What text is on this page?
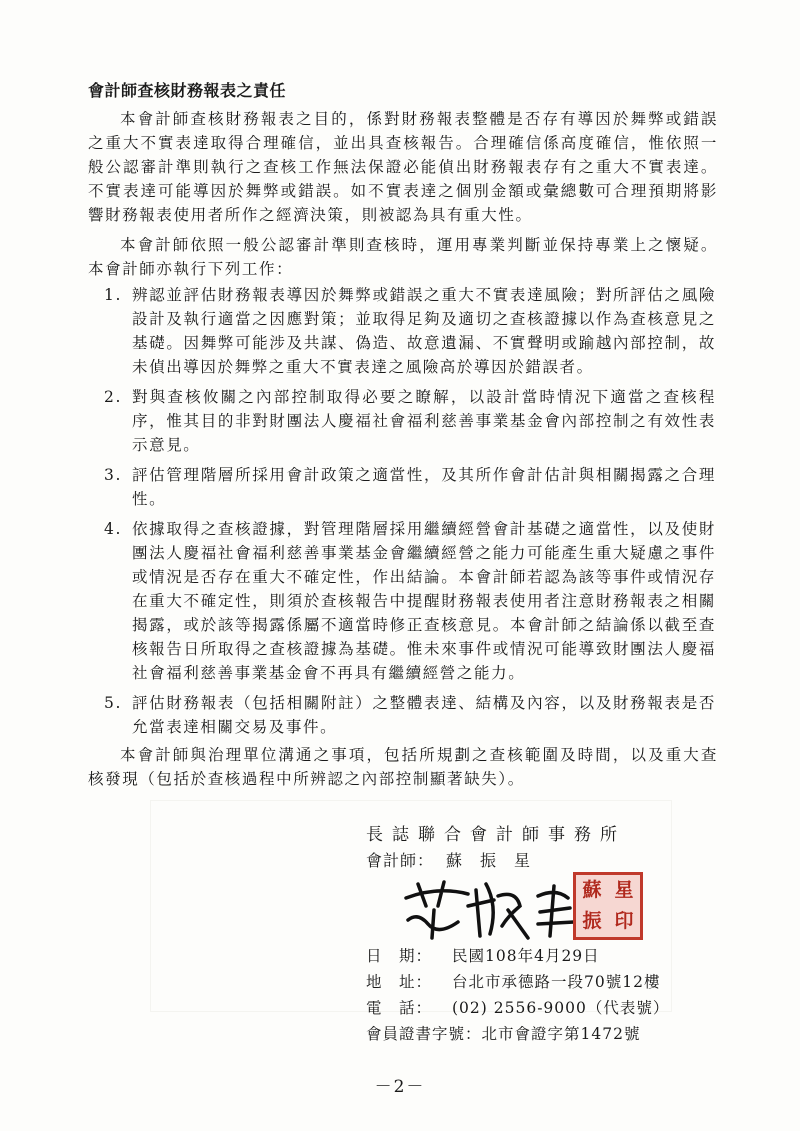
會計師查核財務報表之責任

本會計師查核財務報表之目的，係對財務報表整體是否存有導因於舞弊或錯誤之重大不實表達取得合理確信，並出具查核報告。合理確信係高度確信，惟依照一般公認審計準則執行之查核工作無法保證必能偵出財務報表存有之重大不實表達。不實表達可能導因於舞弊或錯誤。如不實表達之個別金額或彙總數可合理預期將影響財務報表使用者所作之經濟決策，則被認為具有重大性。

本會計師依照一般公認審計準則查核時，運用專業判斷並保持專業上之懷疑。本會計師亦執行下列工作：

1. 辨認並評估財務報表導因於舞弊或錯誤之重大不實表達風險；對所評估之風險設計及執行適當之因應對策；並取得足夠及適切之查核證據以作為查核意見之基礎。因舞弊可能涉及共謀、偽造、故意遺漏、不實聲明或踰越內部控制，故未偵出導因於舞弊之重大不實表達之風險高於導因於錯誤者。
2. 對與查核攸關之內部控制取得必要之瞭解，以設計當時情況下適當之查核程序，惟其目的非對財團法人慶福社會福利慈善事業基金會內部控制之有效性表示意見。
3. 評估管理階層所採用會計政策之適當性，及其所作會計估計與相關揭露之合理性。
4. 依據取得之查核證據，對管理階層採用繼續經營會計基礎之適當性，以及使財團法人慶福社會福利慈善事業基金會繼續經營之能力可能產生重大疑慮之事件或情況是否存在重大不確定性，作出結論。本會計師若認為該等事件或情況存在重大不確定性，則須於查核報告中提醒財務報表使用者注意財務報表之相關揭露，或於該等揭露係屬不適當時修正查核意見。本會計師之結論係以截至查核報告日所取得之查核證據為基礎。惟未來事件或情況可能導致財團法人慶福社會福利慈善事業基金會不再具有繼續經營之能力。
5. 評估財務報表（包括相關附註）之整體表達、結構及內容，以及財務報表是否允當表達相關交易及事件。

本會計師與治理單位溝通之事項，包括所規劃之查核範圍及時間，以及重大查核發現（包括於查核過程中所辨認之內部控制顯著缺失）。

長誌聯合會計師事務所
會計師： 蘇振星
蘇 星
振 印
日　期： 民國108年4月29日
地　址： 台北市承德路一段70號12樓
電　話： (02) 2556-9000（代表號）
會員證書字號：北市會證字第1472號
－2－
